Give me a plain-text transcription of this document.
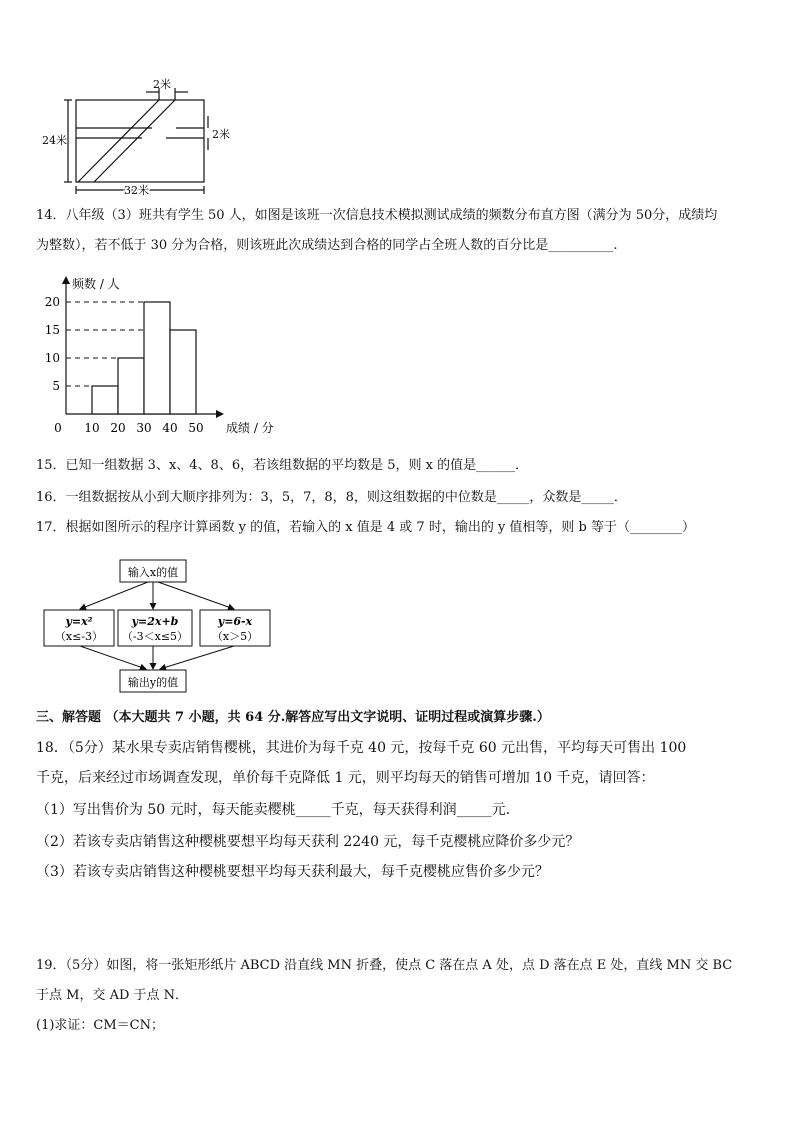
2米
2米
24米
32米
14．八年级（3）班共有学生 50 人，如图是该班一次信息技术模拟测试成绩的频数分布直方图（满分为 50分，成绩均
为整数），若不低于 30 分为合格，则该班此次成绩达到合格的同学占全班人数的百分比是__________.
5
10
15
20
0 10 20 30 40 50
频数 / 人
成绩 / 分
15．已知一组数据 3、x、4、8、6，若该组数据的平均数是 5，则 x 的值是______．
16．一组数据按从小到大顺序排列为：3，5，7，8，8，则这组数据的中位数是_____，众数是_____．
17．根据如图所示的程序计算函数 y 的值，若输入的 x 值是 4 或 7 时，输出的 y 值相等，则 b 等于（________）
输入x的值
y=x²
（x≤-3）
y=2x+b
（-3＜x≤5）
y=6-x
（x＞5）
输出y的值
三、解答题 （本大题共 7 小题，共 64 分.解答应写出文字说明、证明过程或演算步骤.）
18．（5分）某水果专卖店销售樱桃，其进价为每千克 40 元，按每千克 60 元出售，平均每天可售出 100
千克，后来经过市场调查发现，单价每千克降低 1 元，则平均每天的销售可增加 10 千克，请回答：
（1）写出售价为 50 元时，每天能卖樱桃_____千克，每天获得利润_____元.
（2）若该专卖店销售这种樱桃要想平均每天获利 2240 元，每千克樱桃应降价多少元？
（3）若该专卖店销售这种樱桃要想平均每天获利最大，每千克樱桃应售价多少元？
19．（5分）如图，将一张矩形纸片 ABCD 沿直线 MN 折叠，使点 C 落在点 A 处，点 D 落在点 E 处，直线 MN 交 BC
于点 M，交 AD 于点 N．
(1)求证：CM＝CN；
